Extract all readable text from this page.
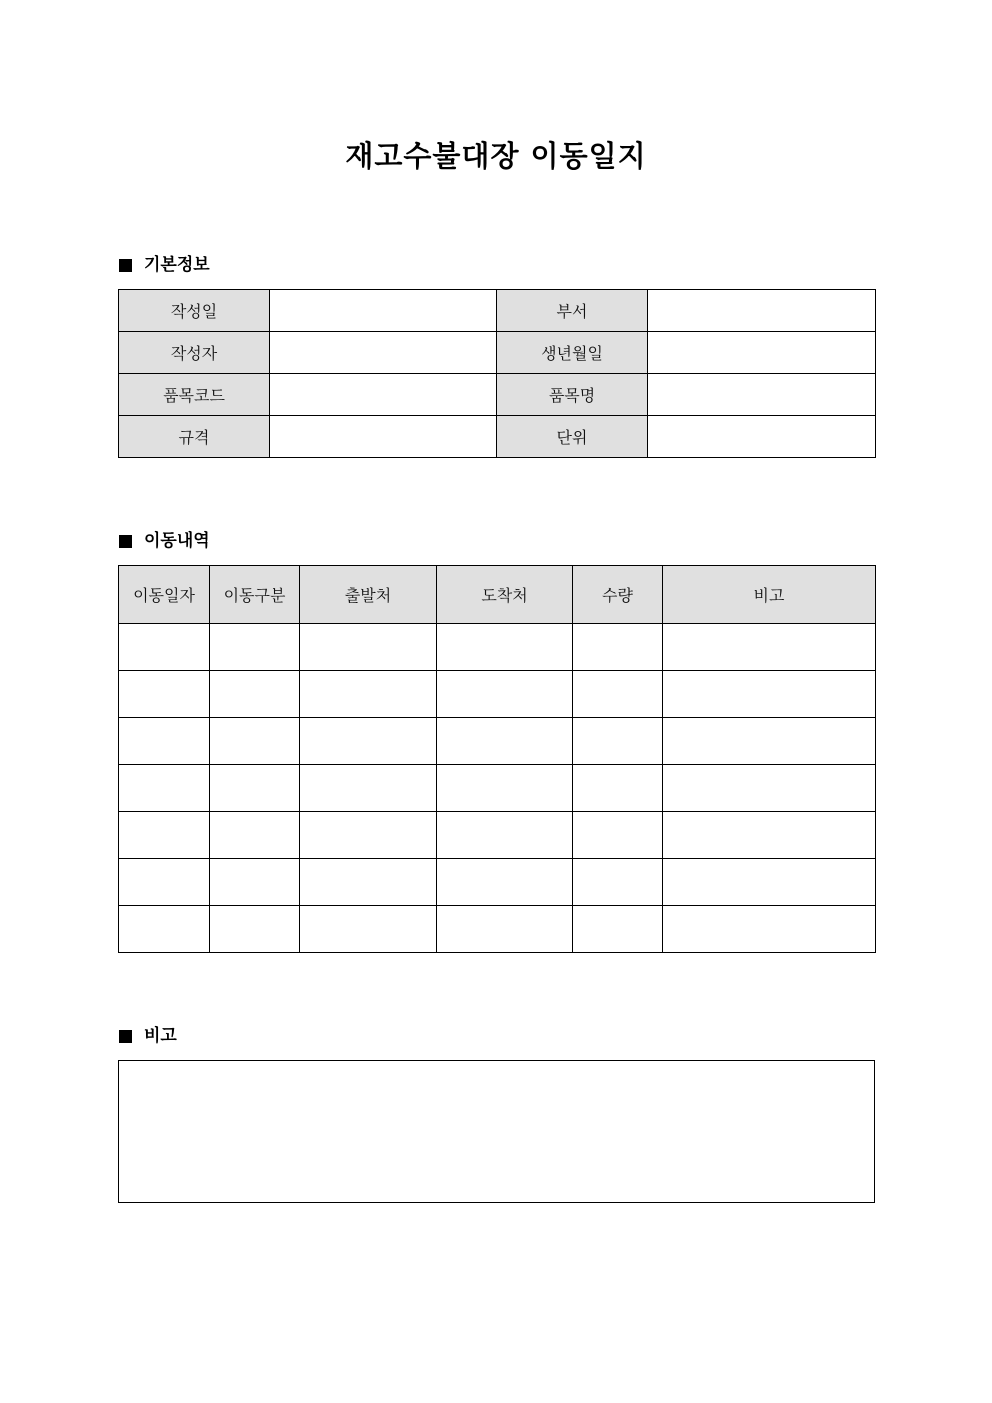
재고수불대장 이동일지
기본정보
작성일		부서	
작성자		생년월일	
품목코드		품목명	
규격		단위	
이동내역
이동일자	이동구분	출발처	도착처	수량	비고

비고
